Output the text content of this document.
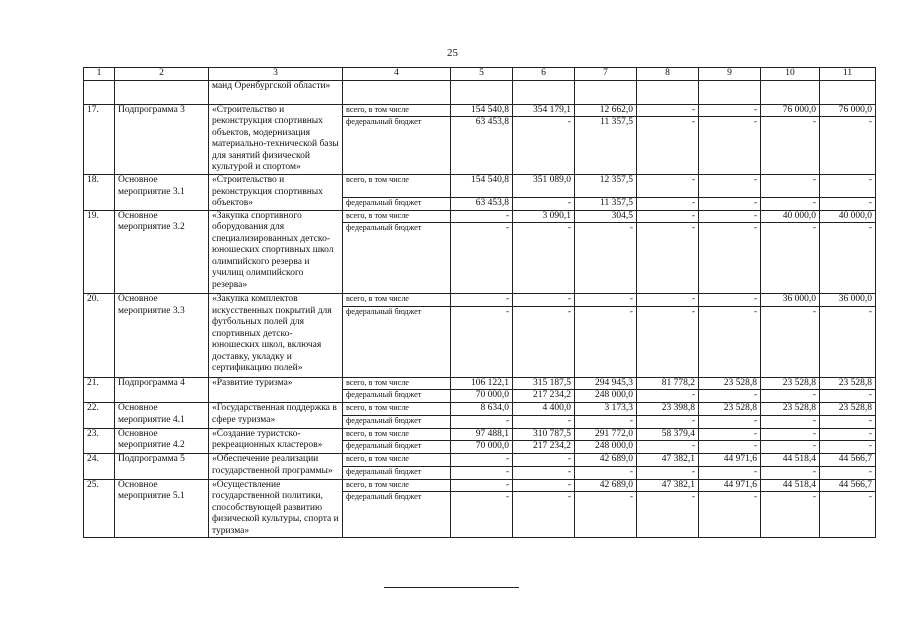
25
1	2	3	4	5	6	7	8	9	10	11
		манд Оренбургской области»								
17.	Подпрограмма 3	«Строительство и реконструкция спортивных объектов, модернизация материально-технической базы для занятий физической культурой и спортом»	всего, в том числе	154 540,8	354 179,1	12 662,0	-	-	76 000,0	76 000,0
			федеральный бюджет	63 453,8	-	11 357,5	-	-	-	-
18.	Основное мероприятие 3.1	«Строительство и реконструкция спортивных объектов»	всего, в том числе	154 540,8	351 089,0	12 357,5	-	-	-	-
			федеральный бюджет	63 453,8	-	11 357,5	-	-	-	-
19.	Основное мероприятие 3.2	«Закупка спортивного оборудования для специализированных детско-юношеских спортивных школ олимпийского резерва и училищ олимпийского резерва»	всего, в том числе	-	3 090,1	304,5	-	-	40 000,0	40 000,0
			федеральный бюджет	-	-	-	-	-	-	-
20.	Основное мероприятие 3.3	«Закупка комплектов искусственных покрытий для футбольных полей для спортивных детско-юношеских школ, включая доставку, укладку и сертификацию полей»	всего, в том числе	-	-	-	-	-	36 000,0	36 000,0
			федеральный бюджет	-	-	-	-	-	-	-
21.	Подпрограмма 4	«Развитие туризма»	всего, в том числе	106 122,1	315 187,5	294 945,3	81 778,2	23 528,8	23 528,8	23 528,8
			федеральный бюджет	70 000,0	217 234,2	248 000,0	-	-	-	-
22.	Основное мероприятие 4.1	«Государственная поддержка в сфере туризма»	всего, в том числе	8 634,0	4 400,0	3 173,3	23 398,8	23 528,8	23 528,8	23 528,8
			федеральный бюджет	-	-	-	-	-	-	-
23.	Основное мероприятие 4.2	«Создание туристско-рекреационных кластеров»	всего, в том числе	97 488,1	310 787,5	291 772,0	58 379,4	-	-	-
			федеральный бюджет	70 000,0	217 234,2	248 000,0	-	-	-	-
24.	Подпрограмма 5	«Обеспечение реализации государственной программы»	всего, в том числе	-	-	42 689,0	47 382,1	44 971,6	44 518,4	44 566,7
			федеральный бюджет	-	-	-	-	-	-	-
25.	Основное мероприятие 5.1	«Осуществление государственной политики, способствующей развитию физической культуры, спорта и туризма»	всего, в том числе	-	-	42 689,0	47 382,1	44 971,6	44 518,4	44 566,7
			федеральный бюджет	-	-	-	-	-	-	-
